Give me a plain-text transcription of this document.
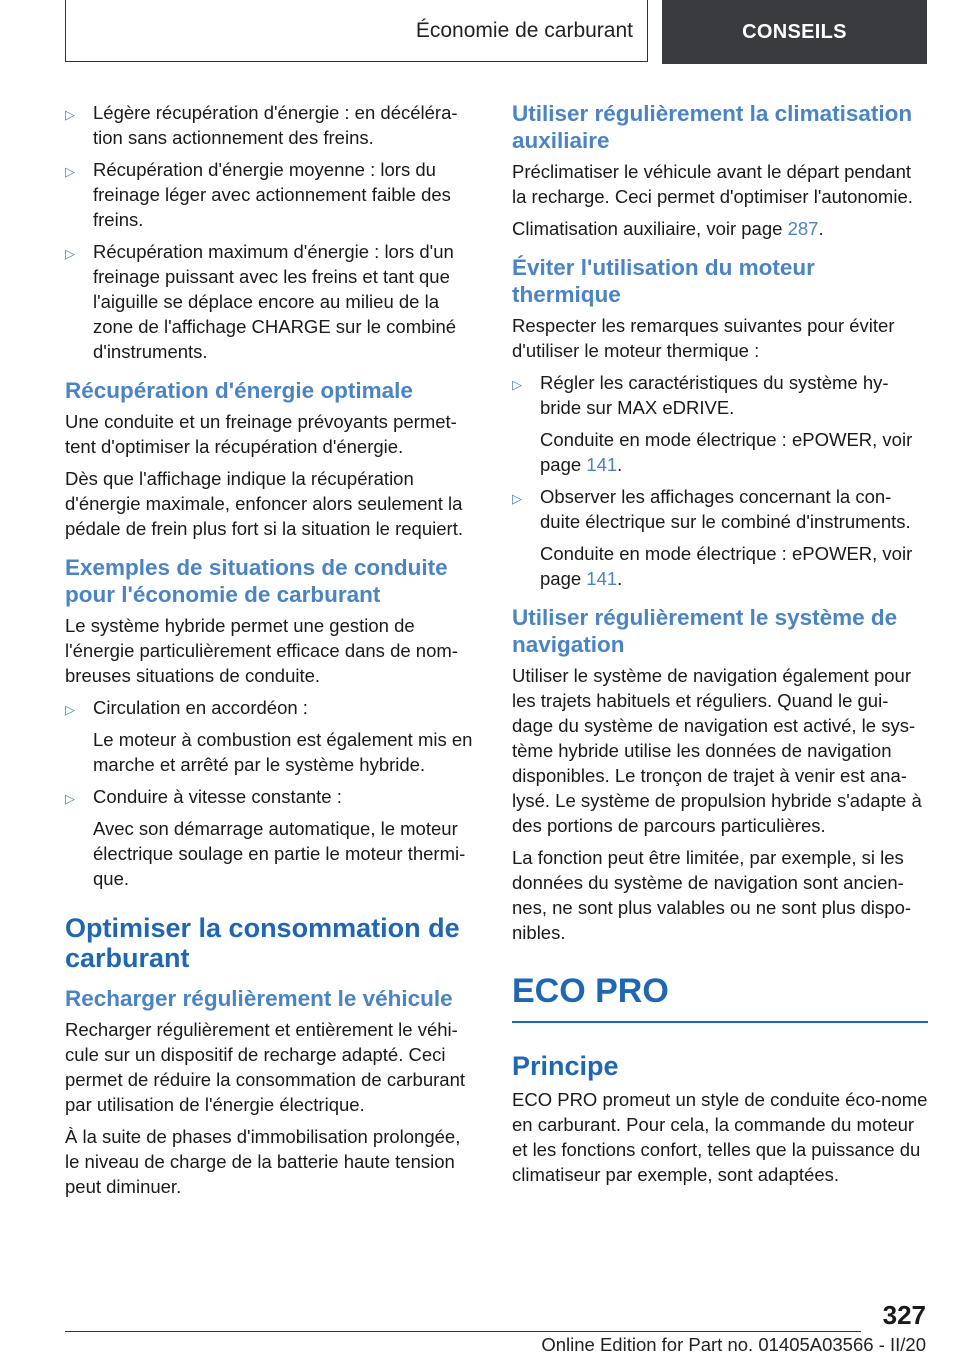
Économie de carburant	CONSEILS
▷ Légère récupération d'énergie : en décéléra-tion sans actionnement des freins.
▷ Récupération d'énergie moyenne : lors du freinage léger avec actionnement faible des freins.
▷ Récupération maximum d'énergie : lors d'un freinage puissant avec les freins et tant que l'aiguille se déplace encore au milieu de la zone de l'affichage CHARGE sur le combiné d'instruments.
Récupération d'énergie optimale

Une conduite et un freinage prévoyants permet-tent d'optimiser la récupération d'énergie.

Dès que l'affichage indique la récupération d'énergie maximale, enfoncer alors seulement la pédale de frein plus fort si la situation le requiert.

Exemples de situations de conduite pour l'économie de carburant

Le système hybride permet une gestion de l'énergie particulièrement efficace dans de nom-breuses situations de conduite.

▷ Circulation en accordéon :

Le moteur à combustion est également mis en marche et arrêté par le système hybride.

▷ Conduire à vitesse constante :

Avec son démarrage automatique, le moteur électrique soulage en partie le moteur thermi-que.

Optimiser la consommation de carburant
Recharger régulièrement le véhicule

Recharger régulièrement et entièrement le véhi-cule sur un dispositif de recharge adapté. Ceci permet de réduire la consommation de carburant par utilisation de l'énergie électrique.

À la suite de phases d'immobilisation prolongée, le niveau de charge de la batterie haute tension peut diminuer.

Utiliser régulièrement la climatisation auxiliaire

Préclimatiser le véhicule avant le départ pendant la recharge. Ceci permet d'optimiser l'autonomie.

Climatisation auxiliaire, voir page 287.

Éviter l'utilisation du moteur thermique

Respecter les remarques suivantes pour éviter d'utiliser le moteur thermique :

▷ Régler les caractéristiques du système hy-bride sur MAX eDRIVE.

Conduite en mode électrique : ePOWER, voir page 141.

▷ Observer les affichages concernant la con-duite électrique sur le combiné d'instruments.

Conduite en mode électrique : ePOWER, voir page 141.

Utiliser régulièrement le système de navigation

Utiliser le système de navigation également pour les trajets habituels et réguliers. Quand le gui-dage du système de navigation est activé, le sys-tème hybride utilise les données de navigation disponibles. Le tronçon de trajet à venir est ana-lysé. Le système de propulsion hybride s'adapte à des portions de parcours particulières.

La fonction peut être limitée, par exemple, si les données du système de navigation sont ancien-nes, ne sont plus valables ou ne sont plus dispo-nibles.

ECO PRO
Principe

ECO PRO promeut un style de conduite éco-nome en carburant. Pour cela, la commande du moteur et les fonctions confort, telles que la puissance du climatiseur par exemple, sont adaptées.

327
Online Edition for Part no. 01405A03566 - II/20
